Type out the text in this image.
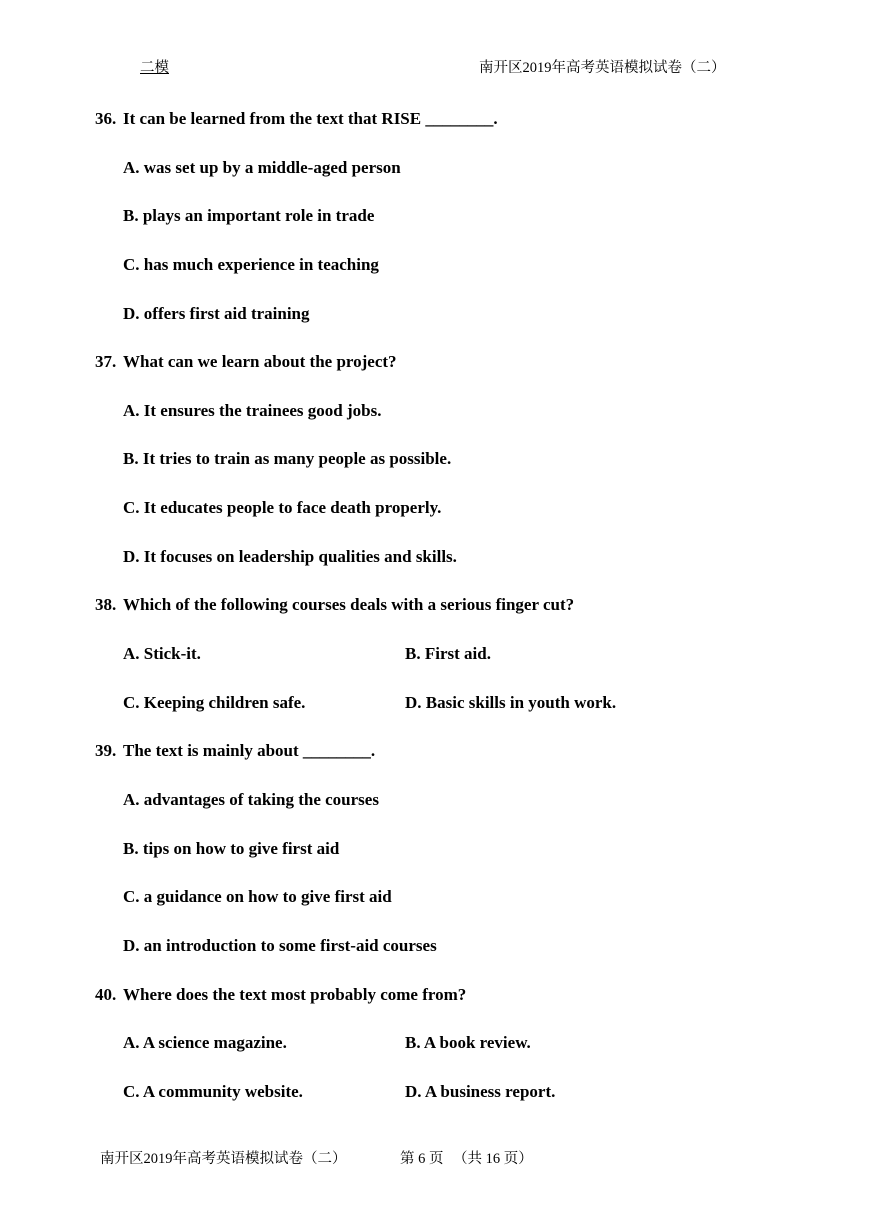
二模	南开区2019年高考英语模拟试卷（二）
36. It can be learned from the text that RISE ________.
A. was set up by a middle-aged person
B. plays an important role in trade
C. has much experience in teaching
D. offers first aid training
37. What can we learn about the project?
A. It ensures the trainees good jobs.
B. It tries to train as many people as possible.
C. It educates people to face death properly.
D. It focuses on leadership qualities and skills.
38. Which of the following courses deals with a serious finger cut?
A. Stick-it.	B. First aid.
C. Keeping children safe.	D. Basic skills in youth work.
39. The text is mainly about ________.
A. advantages of taking the courses
B. tips on how to give first aid
C. a guidance on how to give first aid
D. an introduction to some first-aid courses
40. Where does the text most probably come from?
A. A science magazine.	B. A book review.
C. A community website.	D. A business report.
南开区2019年高考英语模拟试卷（二）	第 6 页 （共 16 页）
